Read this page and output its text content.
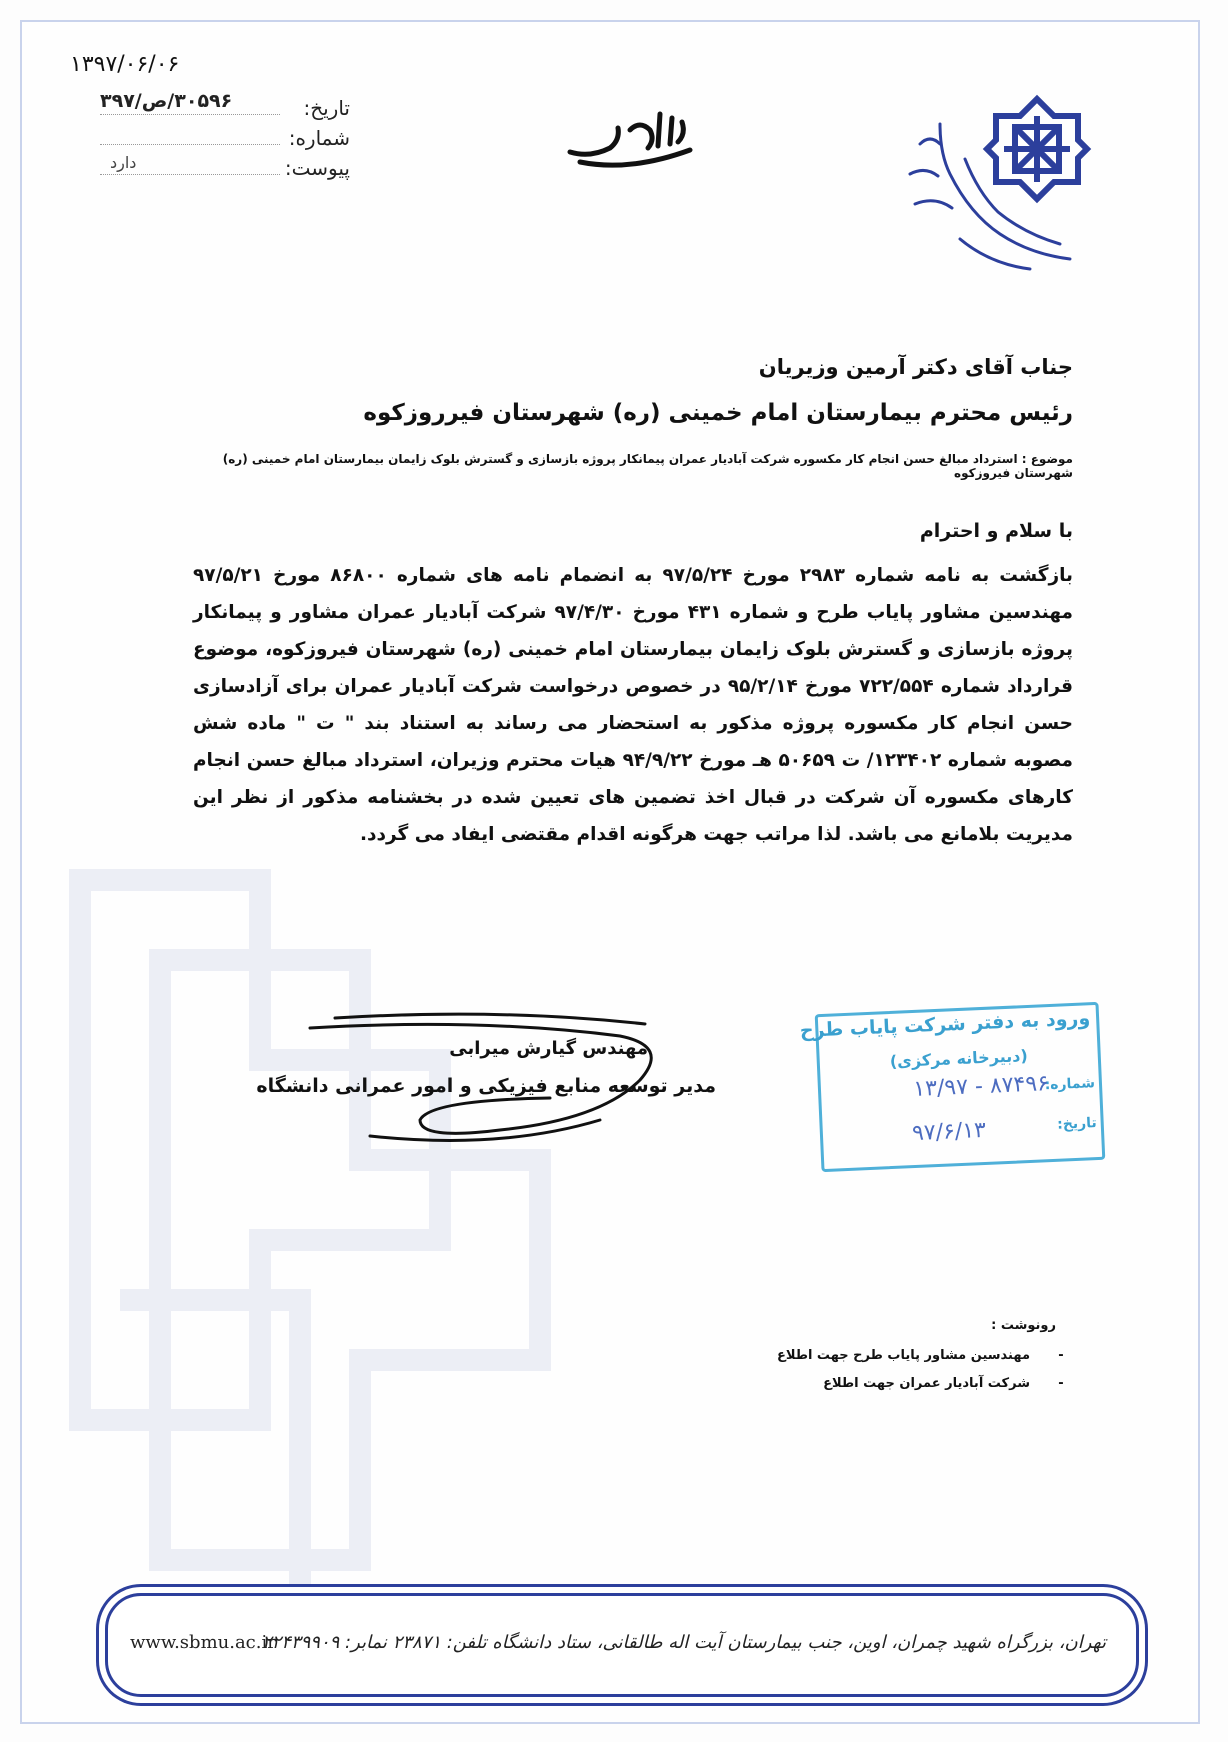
۱۳۹۷/۰۶/۰۶
تاریخ:
۳۰۵۹۶/ص/۳۹۷
شماره:
پیوست:
دارد
جناب آقای دکتر آرمین وزیریان
رئیس محترم بیمارستان امام خمینی (ره) شهرستان فیرروزکوه
موضوع : استرداد مبالغ حسن انجام کار مکسوره شرکت آبادیار عمران پیمانکار پروژه بازسازی و گسترش بلوک زایمان بیمارستان امام خمینی (ره) شهرستان فیروزکوه
با سلام و احترام
بازگشت به نامه شماره ۲۹۸۳ مورخ ۹۷/۵/۲۴ به انضمام نامه های شماره ۸۶۸۰۰ مورخ ۹۷/۵/۲۱ مهندسین مشاور پایاب طرح و شماره ۴۳۱ مورخ ۹۷/۴/۳۰ شرکت آبادیار عمران مشاور و پیمانکار پروژه بازسازی و گسترش بلوک زایمان بیمارستان امام خمینی (ره) شهرستان فیروزکوه، موضوع قرارداد شماره ۷۲۲/۵۵۴ مورخ ۹۵/۲/۱۴ در خصوص درخواست شرکت آبادیار عمران برای آزادسازی حسن انجام کار مکسوره پروژه مذکور به استحضار می رساند به استناد بند " ت " ماده شش مصوبه شماره ۱۲۳۴۰۲/ ت ۵۰۶۵۹ هـ مورخ ۹۴/۹/۲۲ هیات محترم وزیران، استرداد مبالغ حسن انجام کارهای مکسوره آن شرکت در قبال اخذ تضمین های تعیین شده در بخشنامه مذکور از نظر این مدیریت بلامانع می باشد. لذا مراتب جهت هرگونه اقدام مقتضی ایفاد می گردد.
مهندس گیارش میرابی
مدیر توسعه منابع فیزیکی و امور عمرانی دانشگاه
ورود به دفتر شرکت پایاب طرح
(دبیرخانه مرکزی)
شماره:
۱۳/۹۷ - ۸۷۴۹۶
تاریخ:
۹۷/۶/۱۳
رونوشت :
-
مهندسین مشاور پایاب طرح جهت اطلاع
-
شرکت آبادیار عمران جهت اطلاع
www.sbmu.ac.ir
تهران، بزرگراه شهید چمران، اوین، جنب بیمارستان آیت اله طالقانی، ستاد دانشگاه تلفن: ۲۳۸۷۱ نمابر: ۲۲۴۳۹۹۰۹
